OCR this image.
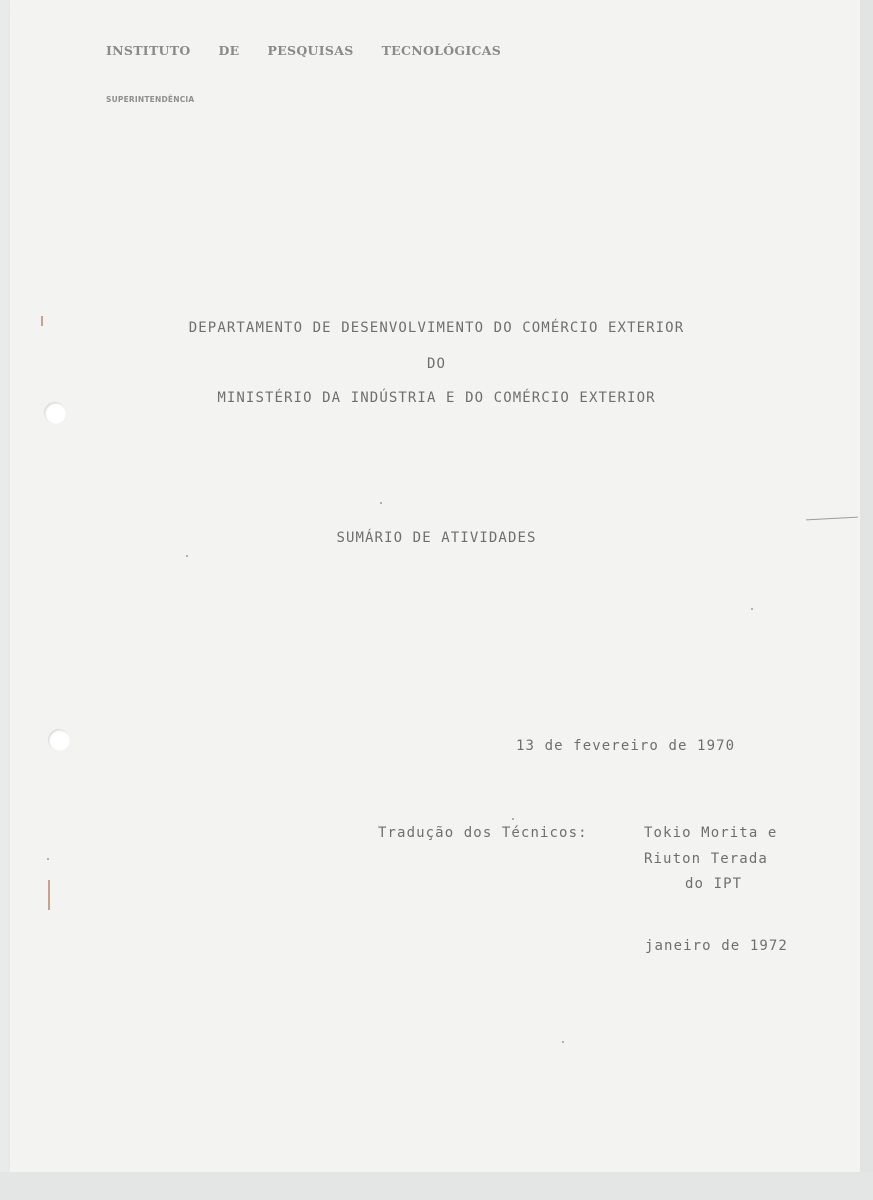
INSTITUTO DE PESQUISAS TECNOLÓGICAS
SUPERINTENDÊNCIA
DEPARTAMENTO DE DESENVOLVIMENTO DO COMÉRCIO EXTERIOR
DO
MINISTÉRIO DA INDÚSTRIA E DO COMÉRCIO EXTERIOR
SUMÁRIO DE ATIVIDADES
13 de fevereiro de 1970
Tradução dos Técnicos:	Tokio Morita e
Riuton Terada
do IPT
janeiro de 1972
